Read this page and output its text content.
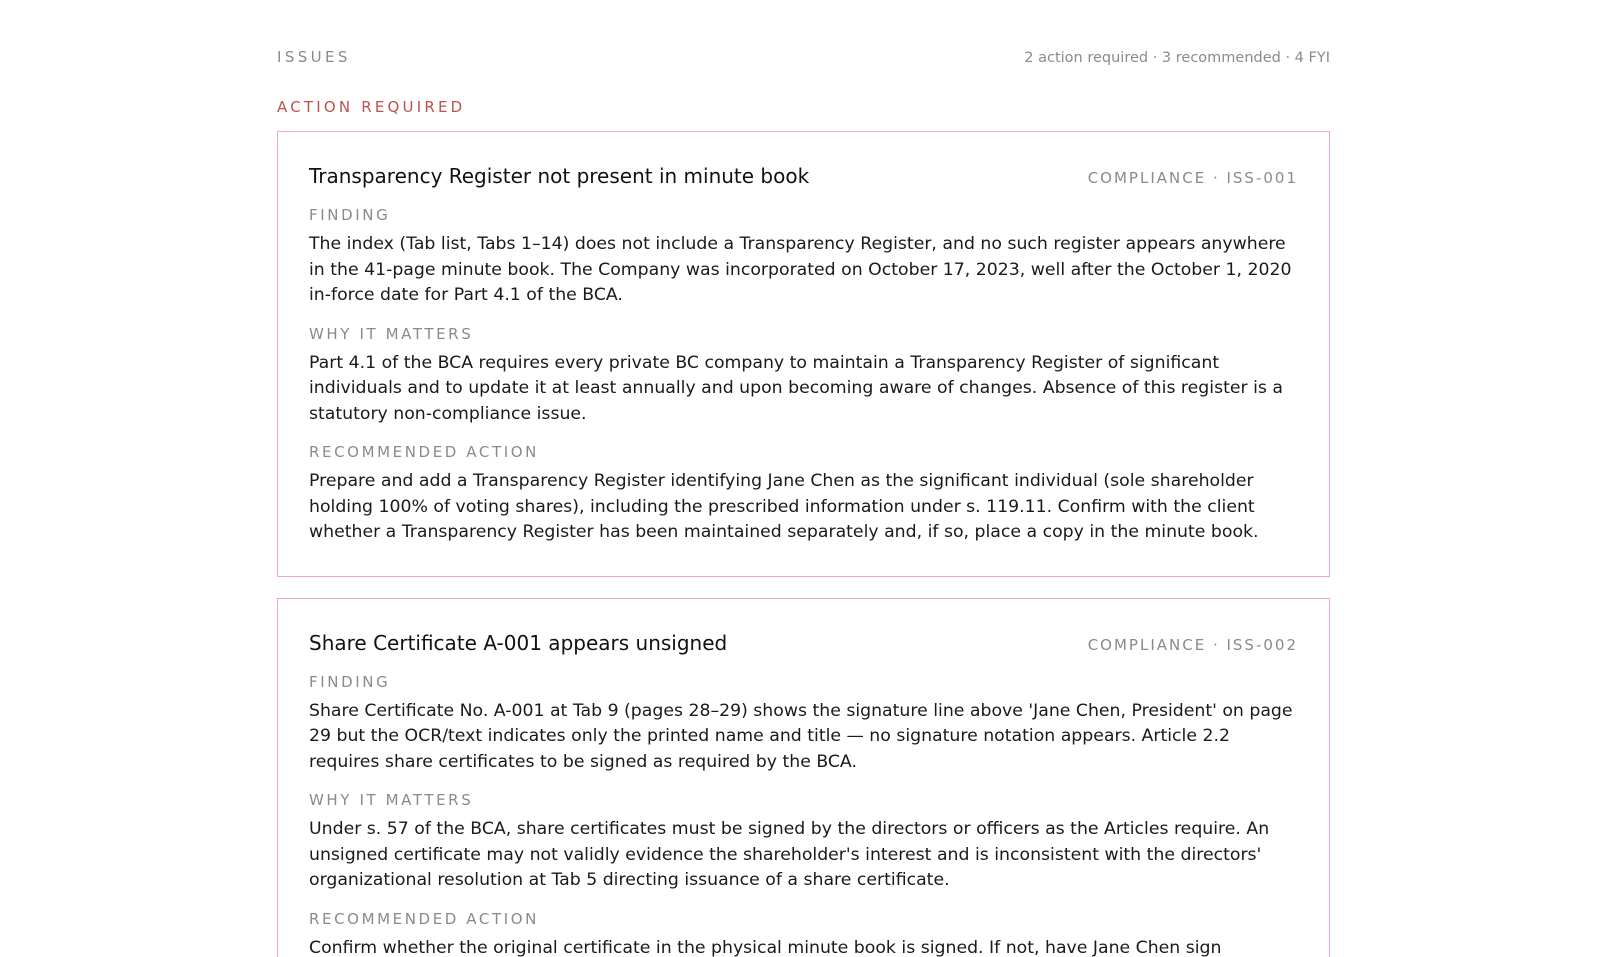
ISSUES	2 action required · 3 recommended · 4 FYI
ACTION REQUIRED
Transparency Register not present in minute book	COMPLIANCE · ISS-001
FINDING
The index (Tab list, Tabs 1–14) does not include a Transparency Register, and no such register appears anywhere in the 41-page minute book. The Company was incorporated on October 17, 2023, well after the October 1, 2020 in-force date for Part 4.1 of the BCA.
WHY IT MATTERS
Part 4.1 of the BCA requires every private BC company to maintain a Transparency Register of significant individuals and to update it at least annually and upon becoming aware of changes. Absence of this register is a statutory non-compliance issue.
RECOMMENDED ACTION
Prepare and add a Transparency Register identifying Jane Chen as the significant individual (sole shareholder holding 100% of voting shares), including the prescribed information under s. 119.11. Confirm with the client whether a Transparency Register has been maintained separately and, if so, place a copy in the minute book.
Share Certificate A-001 appears unsigned	COMPLIANCE · ISS-002
FINDING
Share Certificate No. A-001 at Tab 9 (pages 28–29) shows the signature line above 'Jane Chen, President' on page 29 but the OCR/text indicates only the printed name and title — no signature notation appears. Article 2.2 requires share certificates to be signed as required by the BCA.
WHY IT MATTERS
Under s. 57 of the BCA, share certificates must be signed by the directors or officers as the Articles require. An unsigned certificate may not validly evidence the shareholder's interest and is inconsistent with the directors' organizational resolution at Tab 5 directing issuance of a share certificate.
RECOMMENDED ACTION
Confirm whether the original certificate in the physical minute book is signed. If not, have Jane Chen sign
